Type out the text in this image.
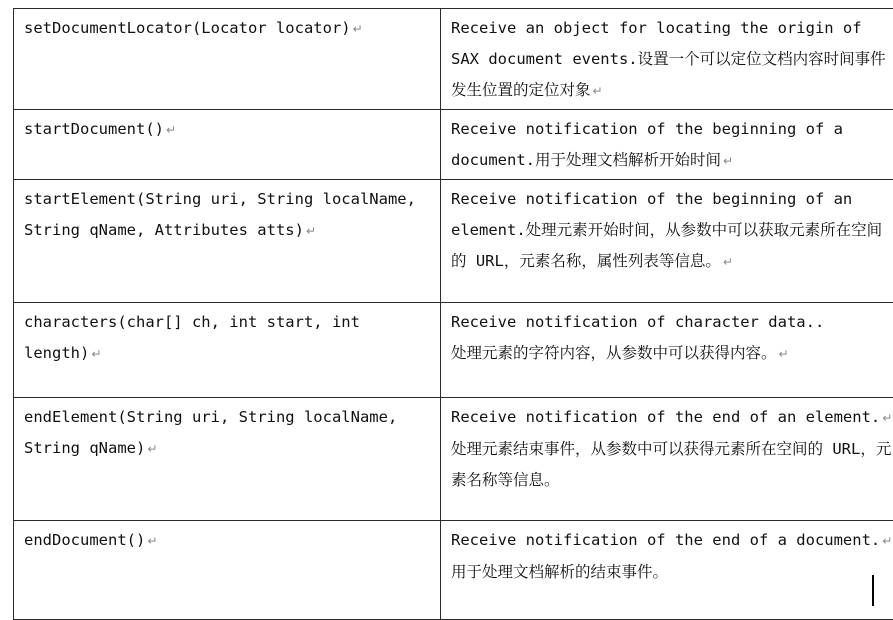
setDocumentLocator(Locator locator) ↵	Receive an object for locating the origin of SAX document events.设置一个可以定位文档内容时间事件发生位置的定位对象 ↵
startDocument() ↵	Receive notification of the beginning of a document.用于处理文档解析开始时间 ↵
startElement(String uri, String localName, String qName, Attributes atts) ↵	Receive notification of the beginning of an element.处理元素开始时间，从参数中可以获取元素所在空间的 URL，元素名称，属性列表等信息。 ↵
characters(char[] ch, int start, int length) ↵	Receive notification of character data..
处理元素的字符内容，从参数中可以获得内容。 ↵
endElement(String uri, String localName, String qName) ↵	Receive notification of the end of an element. ↵
处理元素结束事件，从参数中可以获得元素所在空间的 URL，元素名称等信息。

endDocument() ↵	Receive notification of the end of a document. ↵
用于处理文档解析的结束事件。
